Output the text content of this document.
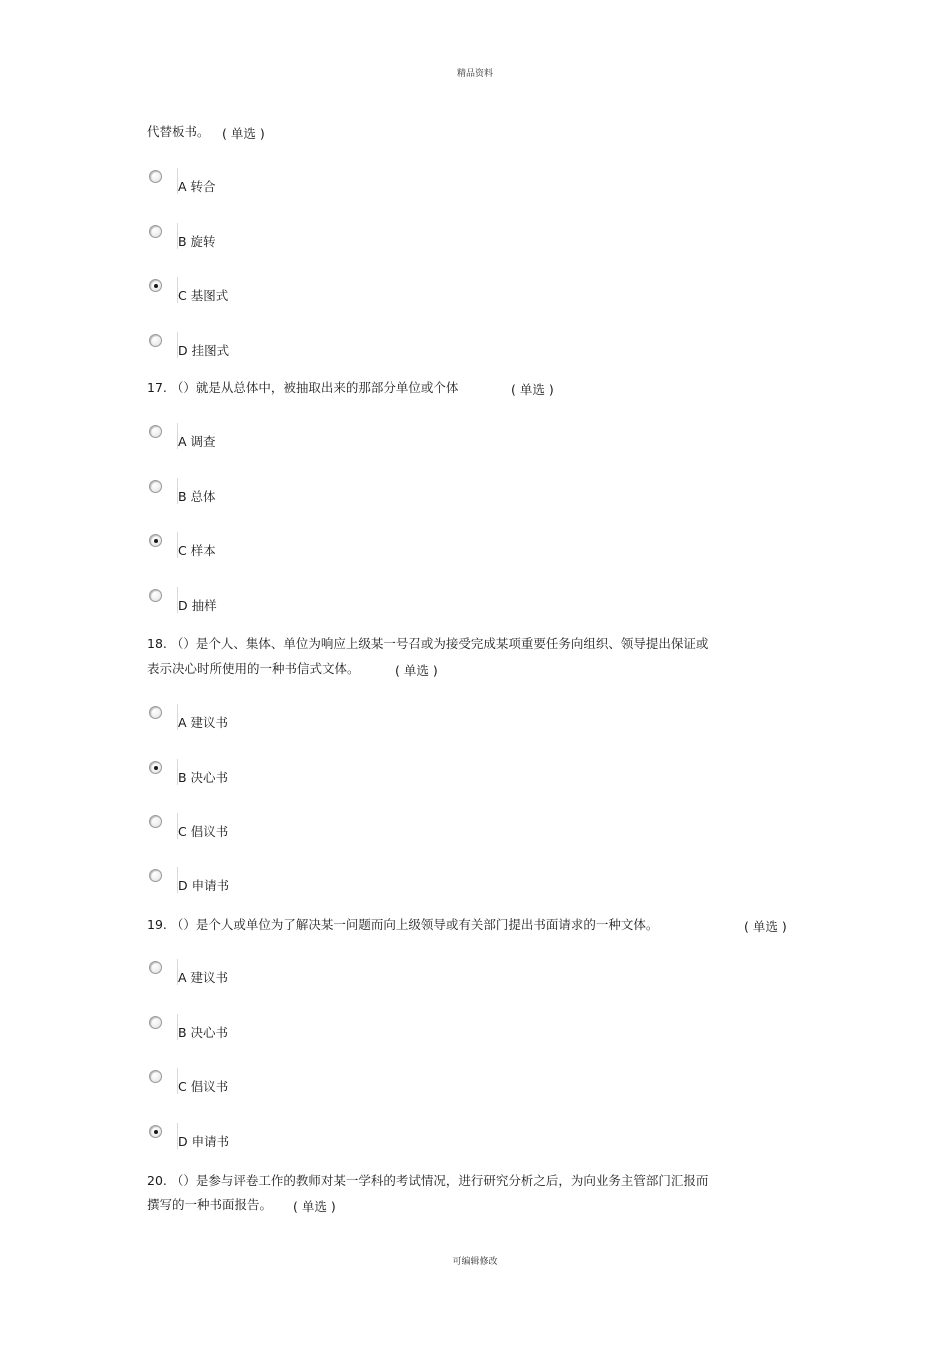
精品资料
代替板书。 ( 单选 )
A 转合
B 旋转
C 基图式
D 挂图式
17. （）就是从总体中，被抽取出来的那部分单位或个体	( 单选 )
A 调查
B 总体
C 样本
D 抽样
18. （）是个人、集体、单位为响应上级某一号召或为接受完成某项重要任务向组织、领导提出保证或
表示决心时所使用的一种书信式文体。	( 单选 )
A 建议书
B 决心书
C 倡议书
D 申请书
19. （）是个人或单位为了解决某一问题而向上级领导或有关部门提出书面请求的一种文体。	( 单选 )
A 建议书
B 决心书
C 倡议书
D 申请书
20. （）是参与评卷工作的教师对某一学科的考试情况，进行研究分析之后，为向业务主管部门汇报而
撰写的一种书面报告。 ( 单选 )
可编辑修改
